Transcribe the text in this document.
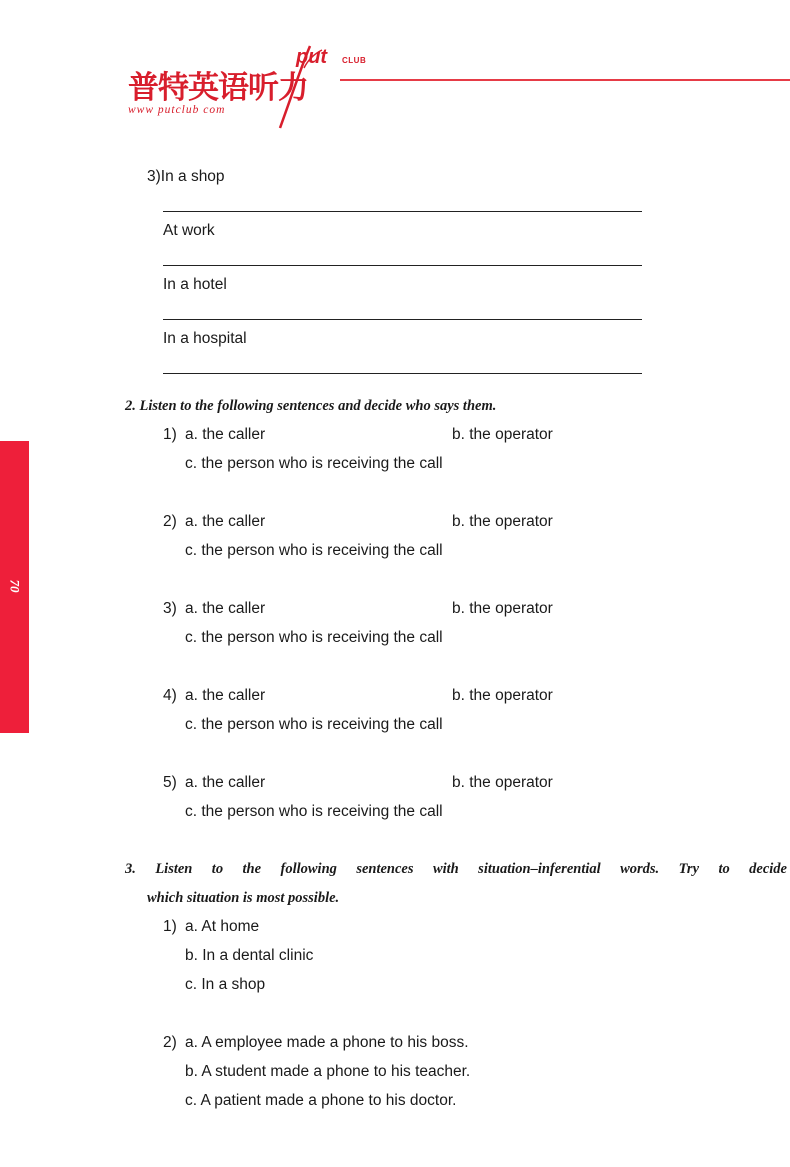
普特英语听力
www putclub com
put CLUB
70
3)In a shop
At work
In a hotel
In a hospital
2. Listen to the following sentences and decide who says them.
1) a. the caller	b. the operator
c. the person who is receiving the call
2) a. the caller	b. the operator
c. the person who is receiving the call
3) a. the caller	b. the operator
c. the person who is receiving the call
4) a. the caller	b. the operator
c. the person who is receiving the call
5) a. the caller	b. the operator
c. the person who is receiving the call
3. Listen to the following sentences with situation–inferential words. Try to decide
which situation is most possible.
1) a. At home
b. In a dental clinic
c. In a shop
2) a. A employee made a phone to his boss.
b. A student made a phone to his teacher.
c. A patient made a phone to his doctor.
